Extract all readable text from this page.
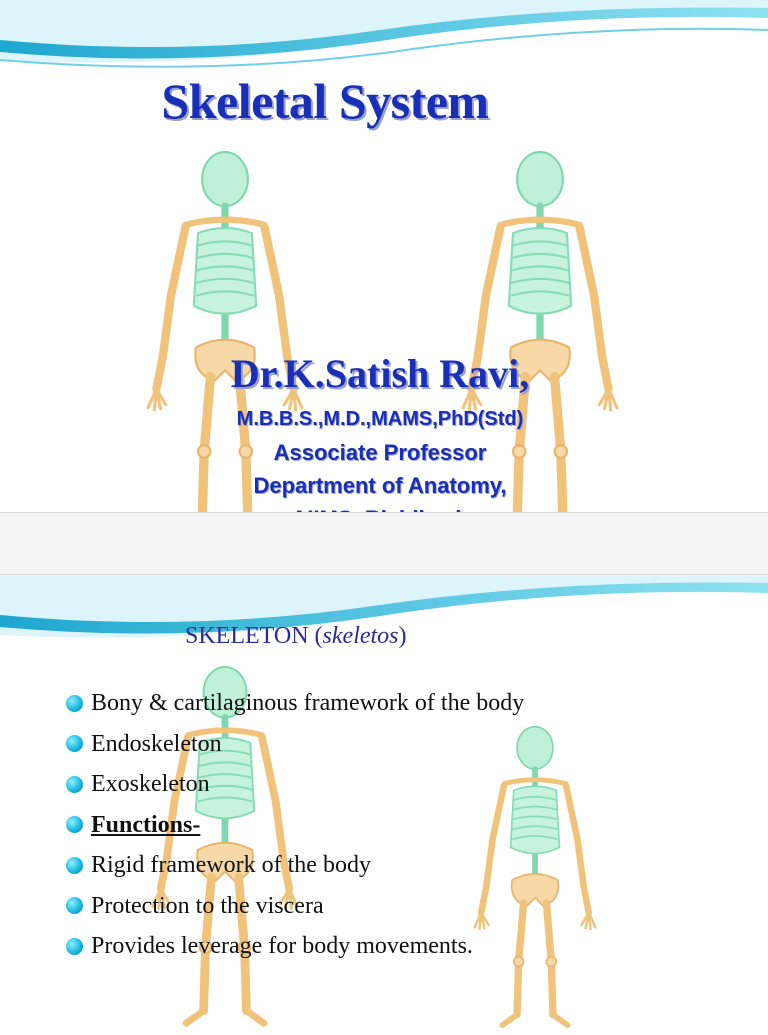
Skeletal System
Dr.K.Satish Ravi,
M.B.B.S.,M.D.,MAMS,PhD(Std)
Associate Professor
Department of Anatomy,
SKELETON (skeletos)
Bony & cartilaginous framework of the body
Endoskeleton
Exoskeleton
Functions-
Rigid framework of the body
Protection to the viscera
Provides leverage for body movements.
